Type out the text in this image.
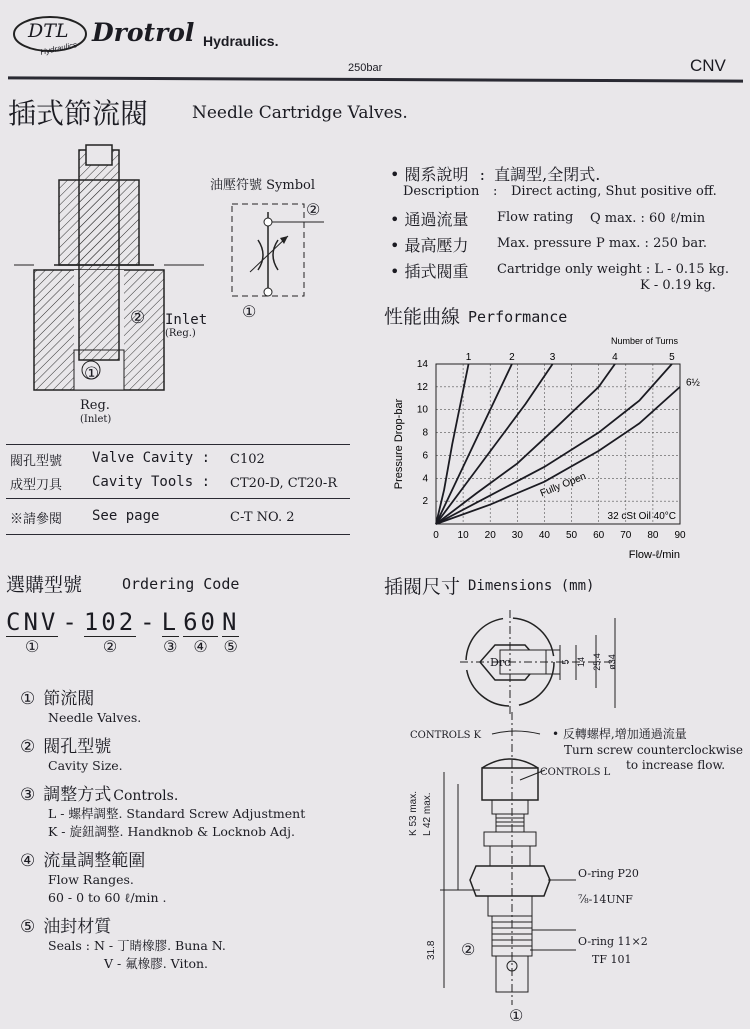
DTL
Hydraulics
Drotrol Hydraulics.
250bar	CNV
插式節流閥	Needle Cartridge Valves.
② Inlet
(Reg.)
①
Reg.
(Inlet)
油壓符號 Symbol
②
①
• 閥系說明 : 直調型,全閉式.
Description : Direct acting, Shut positive off.
• 通過流量 Flow rating Q max. : 60 ℓ/min
• 最高壓力 Max. pressure P max. : 250 bar.
• 插式閥重 Cartridge only weight : L - 0.15 kg.
K - 0.19 kg.
閥孔型號 Valve Cavity : C102
成型刀具 Cavity Tools : CT20-D, CT20-R
※請參閱 See page	C-T NO. 2
性能曲線 Performance
0 10 20 30 40 50 60 70 80 90
2
4
6
8
10
12
14
Pressure Drop-bar
Flow-ℓ/min
Number of Turns
1	2	3	4	5
6½
Fully Open
32 cSt Oil 40°C
選購型號	Ordering Code
CNV
①
- 102
②
- L
③
60
④
N
⑤
① 節流閥
Needle Valves.
② 閥孔型號
Cavity Size.
③ 調整方式 Controls.
L - 螺桿調整. Standard Screw Adjustment
K - 旋鈕調整. Handknob & Locknob Adj.
④ 流量調整範圍
Flow Ranges.
60 - 0 to 60 ℓ/min .
⑤ 油封材質
Seals : N - 丁睛橡膠. Buna N.
V - 氟橡膠. Viton.
插閥尺寸 Dimensions (mm)
Drc	5 14 25.4 ø34
CONTROLS K
CONTROLS L
• 反轉螺桿,增加通過流量
Turn screw counterclockwise
to increase flow.
K 53 max. L 42 max.
31.8
O-ring P20
⅞-14UNF
O-ring 11×2
TF 101
②
①
